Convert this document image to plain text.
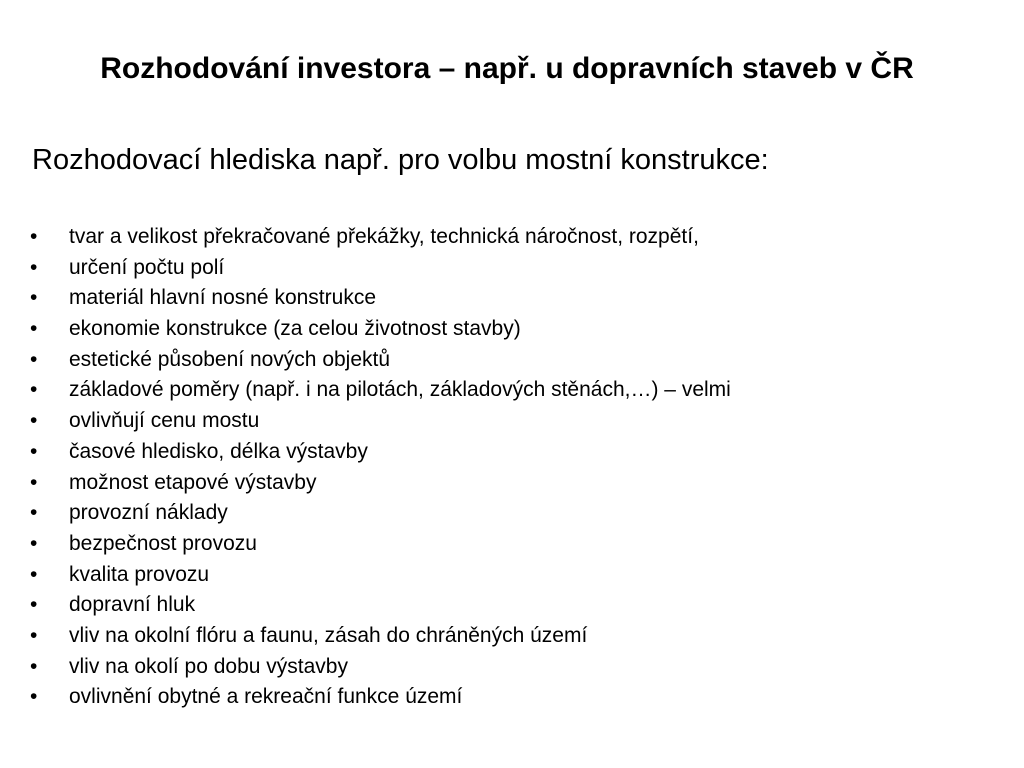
Rozhodování investora – např. u dopravních staveb v ČR
Rozhodovací hlediska např. pro volbu mostní konstrukce:
•	tvar a velikost překračované překážky, technická náročnost, rozpětí,
•	určení počtu polí
•	materiál hlavní nosné konstrukce
•	ekonomie konstrukce (za celou životnost stavby)
•	estetické působení nových objektů
•	základové poměry (např. i na pilotách, základových stěnách,…) – velmi
•	ovlivňují cenu mostu
•	časové hledisko, délka výstavby
•	možnost etapové výstavby
•	provozní náklady
•	bezpečnost provozu
•	kvalita provozu
•	dopravní hluk
•	vliv na okolní flóru a faunu, zásah do chráněných území
•	vliv na okolí po dobu výstavby
•	ovlivnění obytné a rekreační funkce území
